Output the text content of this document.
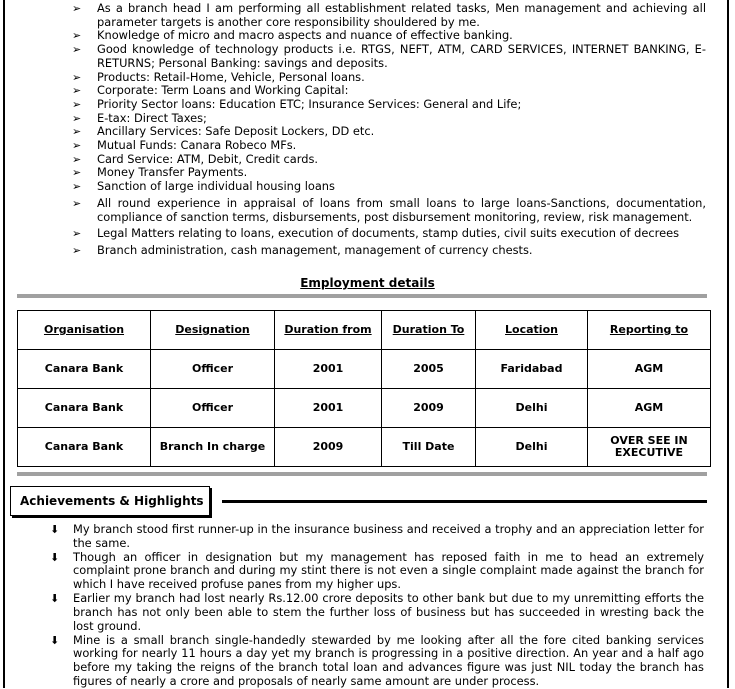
➢ As a branch head I am performing all establishment related tasks, Men management and achieving all parameter targets is another core responsibility shouldered by me.
➢ Knowledge of micro and macro aspects and nuance of effective banking.
➢ Good knowledge of technology products i.e. RTGS, NEFT, ATM, CARD SERVICES, INTERNET BANKING, E-RETURNS; Personal Banking: savings and deposits.
➢ Products: Retail-Home, Vehicle, Personal loans.
➢ Corporate: Term Loans and Working Capital:
➢ Priority Sector loans: Education ETC; Insurance Services: General and Life;
➢ E-tax: Direct Taxes;
➢ Ancillary Services: Safe Deposit Lockers, DD etc.
➢ Mutual Funds: Canara Robeco MFs.
➢ Card Service: ATM, Debit, Credit cards.
➢ Money Transfer Payments.
➢ Sanction of large individual housing loans
➢ All round experience in appraisal of loans from small loans to large loans-Sanctions, documentation, compliance of sanction terms, disbursements, post disbursement monitoring, review, risk management.
➢ Legal Matters relating to loans, execution of documents, stamp duties, civil suits execution of decrees
➢ Branch administration, cash management, management of currency chests.
Employment details
Organisation	Designation	Duration from	Duration To	Location	Reporting to
Canara Bank	Officer	2001	2005	Faridabad	AGM
Canara Bank	Officer	2001	2009	Delhi	AGM
Canara Bank	Branch In charge	2009	Till Date	Delhi	OVER SEE IN EXECUTIVE
Achievements & Highlights
⬇ My branch stood first runner-up in the insurance business and received a trophy and an appreciation letter for the same.
⬇ Though an officer in designation but my management has reposed faith in me to head an extremely complaint prone branch and during my stint there is not even a single complaint made against the branch for which I have received profuse panes from my higher ups.
⬇ Earlier my branch had lost nearly Rs.12.00 crore deposits to other bank but due to my unremitting efforts the branch has not only been able to stem the further loss of business but has succeeded in wresting back the lost ground.
⬇ Mine is a small branch single-handedly stewarded by me looking after all the fore cited banking services working for nearly 11 hours a day yet my branch is progressing in a positive direction. An year and a half ago before my taking the reigns of the branch total loan and advances figure was just NIL today the branch has figures of nearly a crore and proposals of nearly same amount are under process.
